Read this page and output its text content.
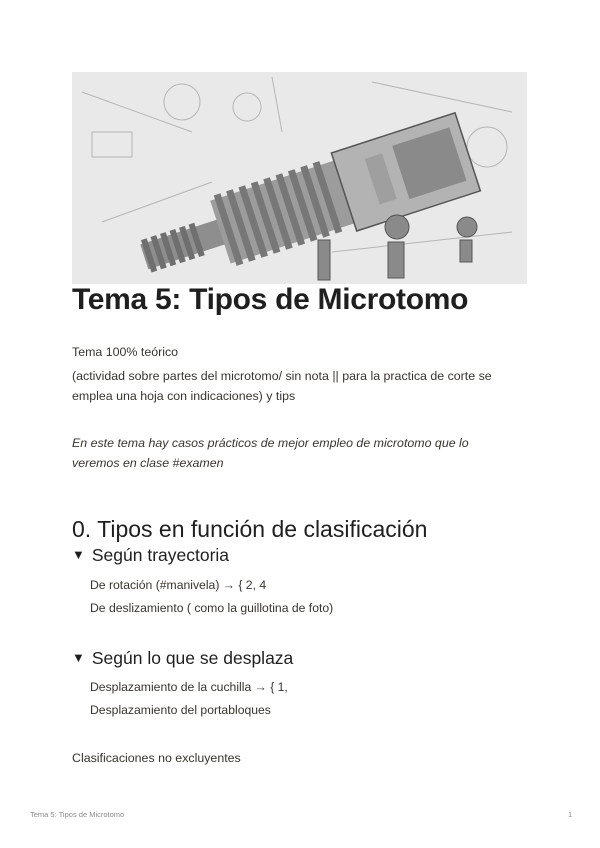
Tema 5: Tipos de Microtomo

Tema 100% teórico

(actividad sobre partes del microtomo/ sin nota || para la practica de corte se

emplea una hoja con indicaciones) y tips

En este tema hay casos prácticos de mejor empleo de microtomo que lo

veremos en clase #examen

0. Tipos en función de clasificación
▼ Según trayectoria

De rotación (#manivela) → { 2, 4

De deslizamiento ( como la guillotina de foto)

▼ Según lo que se desplaza

Desplazamiento de la cuchilla → { 1,

Desplazamiento del portabloques

Clasificaciones no excluyentes

Tema 5: Tipos de Microtomo	1
